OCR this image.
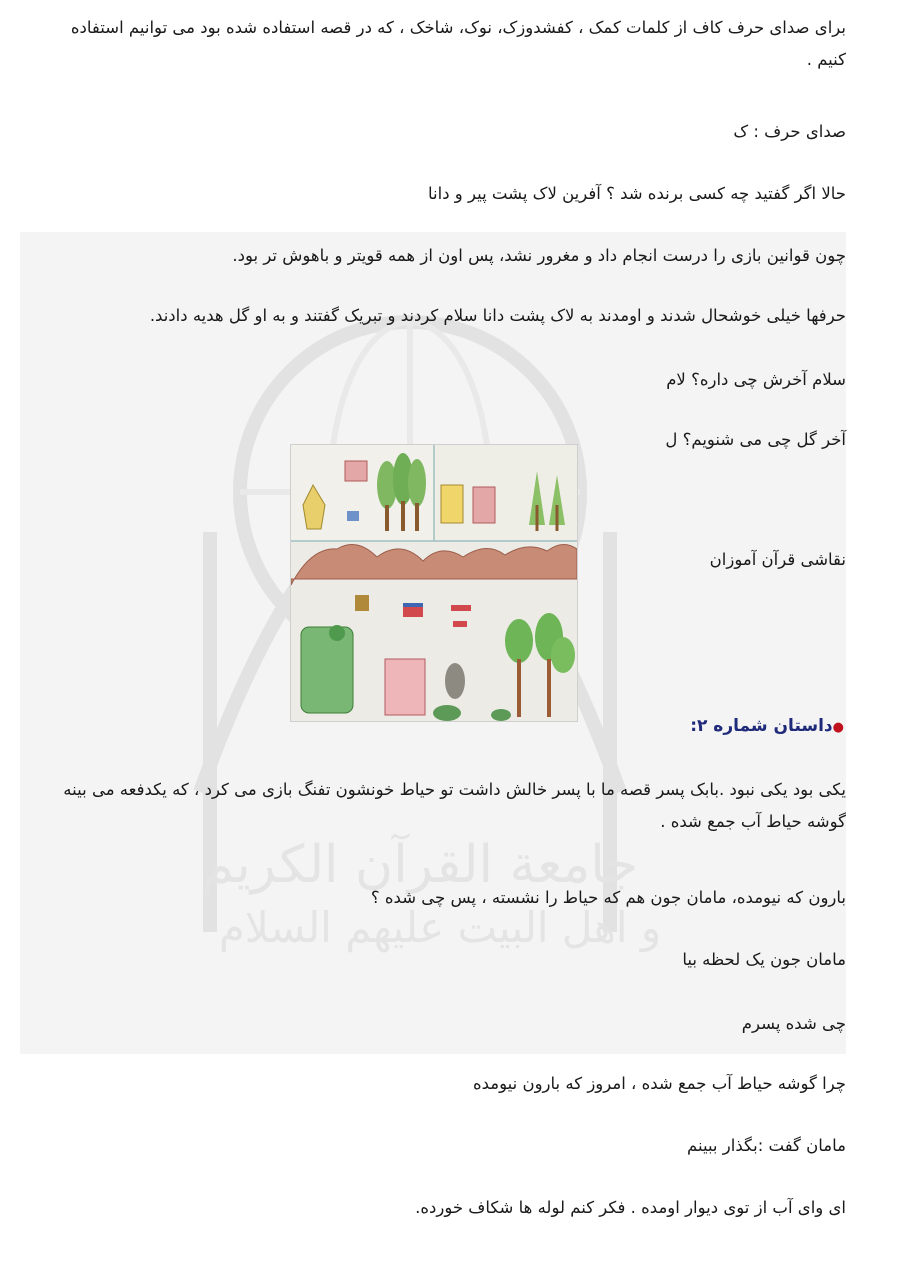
جامعة القرآن الکریم
و اهل البیت علیهم السلام
برای صدای حرف کاف از کلمات کمک ، کفشدوزک، نوک، شاخک ، که در قصه استفاده شده بود می توانیم استفاده کنیم .
صدای حرف : ک
حالا اگر گفتید چه کسی برنده شد ؟ آفرین لاک پشت پیر و دانا
چون قوانین بازی را درست انجام داد و مغرور نشد، پس اون از همه قویتر و باهوش تر بود.
حرفها خیلی خوشحال شدند و اومدند به لاک پشت دانا سلام کردند و تبریک گفتند و به او گل هدیه دادند.
سلام آخرش چی داره؟ لام
آخر گل چی می شنویم؟ ل
نقاشی قرآن آموزان
●داستان شماره ۲:
یکی بود یکی نبود .بابک پسر قصه ما با پسر خالش داشت تو حیاط خونشون تفنگ بازی می کرد ، که یکدفعه می بینه گوشه حیاط آب جمع شده .
بارون که نیومده، مامان جون هم که حیاط را نشسته ، پس چی شده ؟
مامان جون یک لحظه بیا
چی شده پسرم
چرا گوشه حیاط آب جمع شده ، امروز که بارون نیومده
مامان گفت :بگذار ببینم
ای وای آب از توی دیوار اومده . فکر کنم لوله ها شکاف خورده.
